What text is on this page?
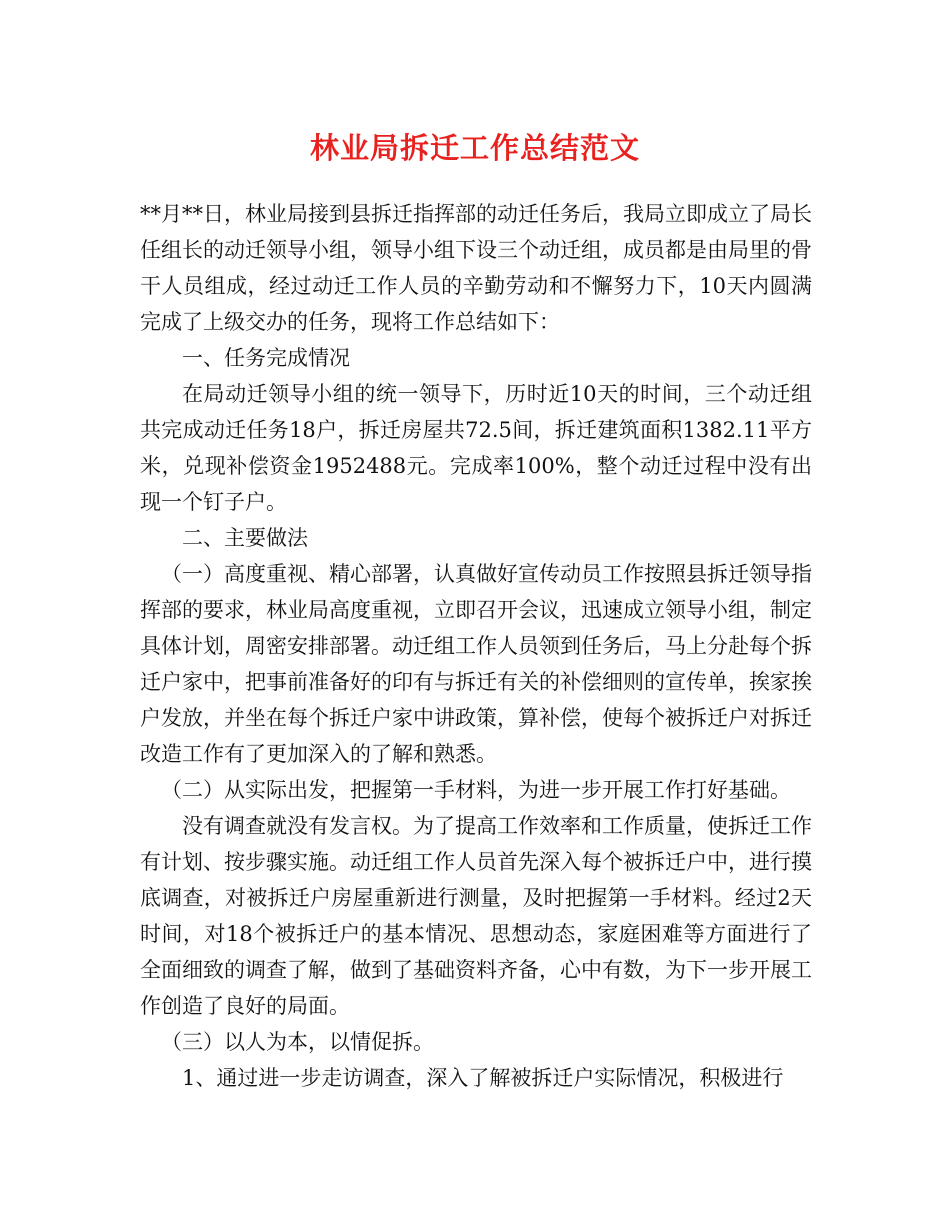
林业局拆迁工作总结范文

**月**日，林业局接到县拆迁指挥部的动迁任务后，我局立即成立了局长任组长的动迁领导小组，领导小组下设三个动迁组，成员都是由局里的骨干人员组成，经过动迁工作人员的辛勤劳动和不懈努力下，10天内圆满完成了上级交办的任务，现将工作总结如下：

一、任务完成情况

在局动迁领导小组的统一领导下，历时近10天的时间，三个动迁组共完成动迁任务18户，拆迁房屋共72.5间，拆迁建筑面积1382.11平方米，兑现补偿资金1952488元。完成率100%，整个动迁过程中没有出现一个钉子户。

二、主要做法

（一）高度重视、精心部署，认真做好宣传动员工作按照县拆迁领导指挥部的要求，林业局高度重视，立即召开会议，迅速成立领导小组，制定具体计划，周密安排部署。动迁组工作人员领到任务后，马上分赴每个拆迁户家中，把事前准备好的印有与拆迁有关的补偿细则的宣传单，挨家挨户发放，并坐在每个拆迁户家中讲政策，算补偿，使每个被拆迁户对拆迁改造工作有了更加深入的了解和熟悉。

（二）从实际出发，把握第一手材料，为进一步开展工作打好基础。

没有调查就没有发言权。为了提高工作效率和工作质量，使拆迁工作有计划、按步骤实施。动迁组工作人员首先深入每个被拆迁户中，进行摸底调查，对被拆迁户房屋重新进行测量，及时把握第一手材料。经过2天时间，对18个被拆迁户的基本情况、思想动态，家庭困难等方面进行了全面细致的调查了解，做到了基础资料齐备，心中有数，为下一步开展工作创造了良好的局面。

（三）以人为本，以情促拆。

1、通过进一步走访调查，深入了解被拆迁户实际情况，积极进行
